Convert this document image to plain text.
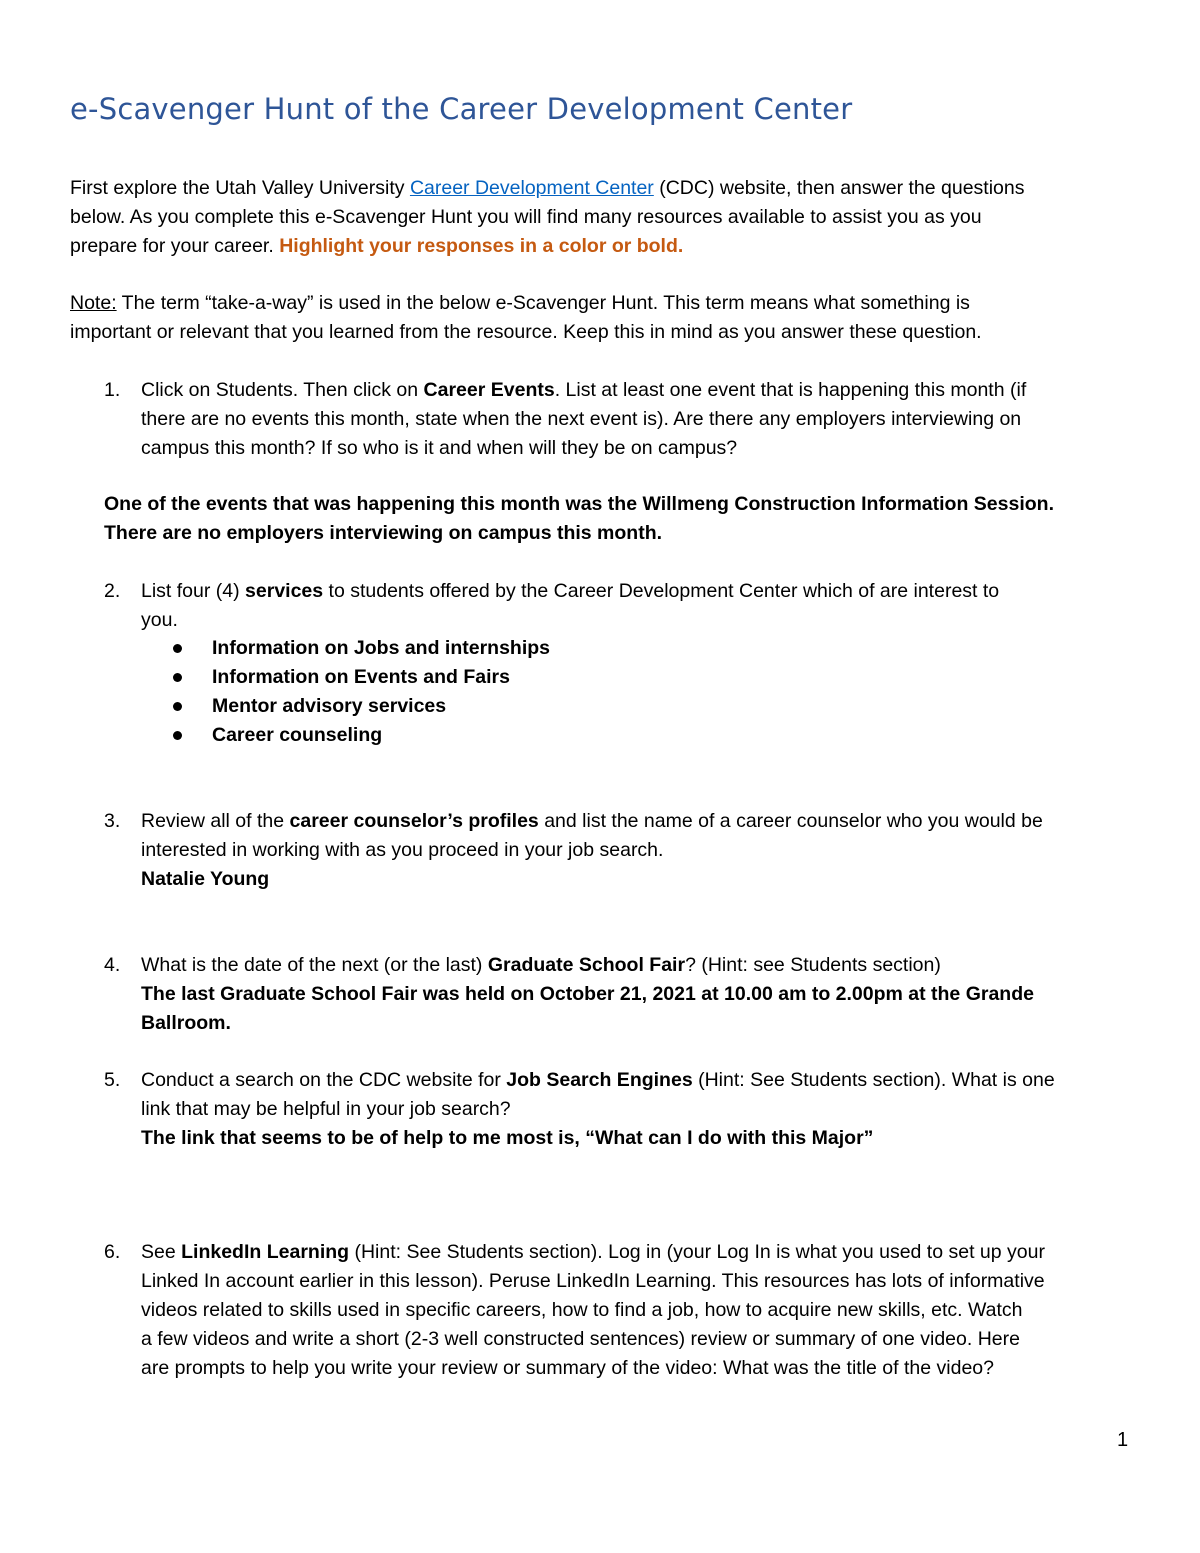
e-Scavenger Hunt of the Career Development Center
First explore the Utah Valley University Career Development Center (CDC) website, then answer the questions
below. As you complete this e-Scavenger Hunt you will find many resources available to assist you as you
prepare for your career. Highlight your responses in a color or bold.
Note: The term “take-a-way” is used in the below e-Scavenger Hunt. This term means what something is
important or relevant that you learned from the resource. Keep this in mind as you answer these question.
1.	Click on Students. Then click on Career Events. List at least one event that is happening this month (if
there are no events this month, state when the next event is). Are there any employers interviewing on
campus this month? If so who is it and when will they be on campus?
One of the events that was happening this month was the Willmeng Construction Information Session.
There are no employers interviewing on campus this month.
2.	List four (4) services to students offered by the Career Development Center which of are interest to
you.
Information on Jobs and internships
Information on Events and Fairs
Mentor advisory services
Career counseling
3.	Review all of the career counselor’s profiles and list the name of a career counselor who you would be
interested in working with as you proceed in your job search.
Natalie Young
4.	What is the date of the next (or the last) Graduate School Fair? (Hint: see Students section)
The last Graduate School Fair was held on October 21, 2021 at 10.00 am to 2.00pm at the Grande
Ballroom.
5.	Conduct a search on the CDC website for Job Search Engines (Hint: See Students section). What is one
link that may be helpful in your job search?
The link that seems to be of help to me most is, “What can I do with this Major”
6.	See LinkedIn Learning (Hint: See Students section). Log in (your Log In is what you used to set up your
Linked In account earlier in this lesson). Peruse LinkedIn Learning. This resources has lots of informative
videos related to skills used in specific careers, how to find a job, how to acquire new skills, etc. Watch
a few videos and write a short (2-3 well constructed sentences) review or summary of one video. Here
are prompts to help you write your review or summary of the video: What was the title of the video?
1
